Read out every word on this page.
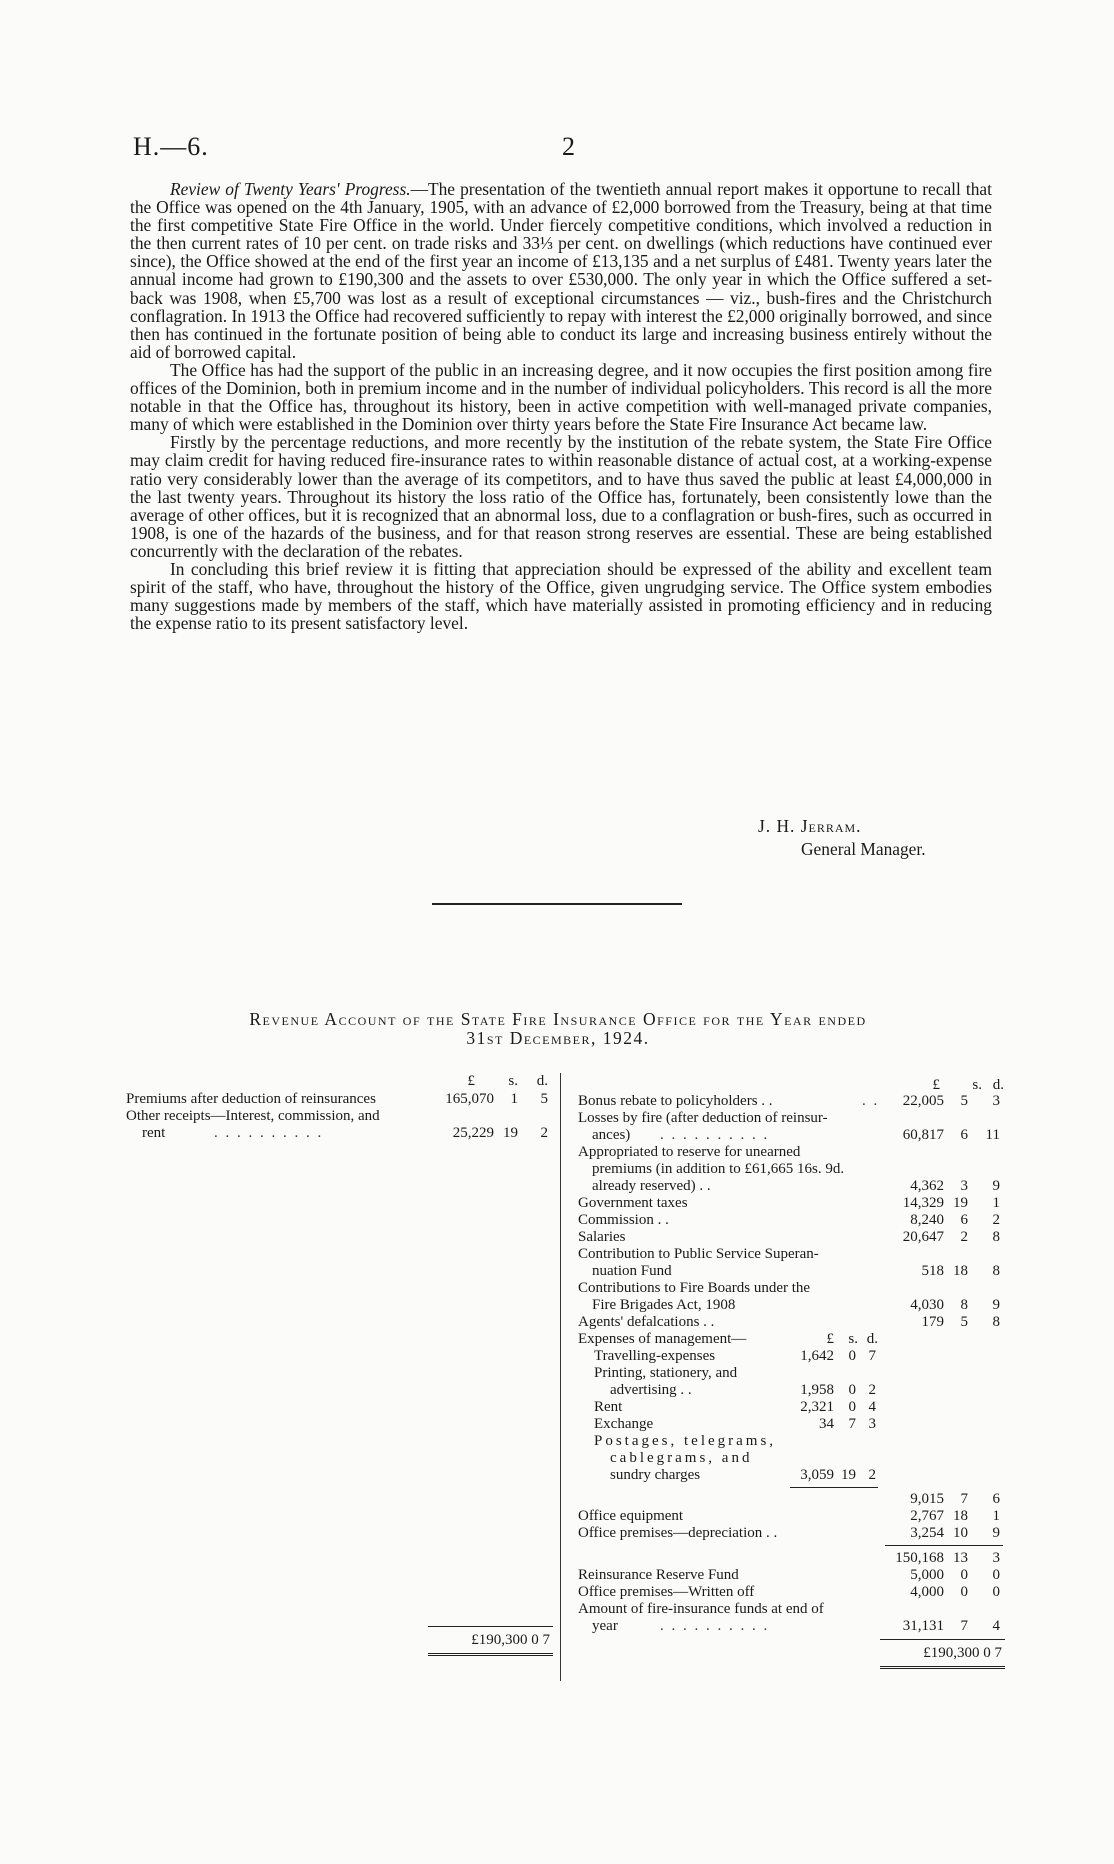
H.—6.	2

Review of Twenty Years' Progress.—The presentation of the twentieth annual report makes it opportune to recall that the Office was opened on the 4th January, 1905, with an advance of £2,000 borrowed from the Treasury, being at that time the first competitive State Fire Office in the world. Under fiercely competitive conditions, which involved a reduction in the then current rates of 10 per cent. on trade risks and 33⅓ per cent. on dwellings (which reductions have continued ever since), the Office showed at the end of the first year an income of £13,135 and a net surplus of £481. Twenty years later the annual income had grown to £190,300 and the assets to over £530,000. The only year in which the Office suffered a set-back was 1908, when £5,700 was lost as a result of exceptional circumstances — viz., bush-fires and the Christchurch conflagration. In 1913 the Office had recovered sufficiently to repay with interest the £2,000 originally borrowed, and since then has continued in the fortunate position of being able to conduct its large and increasing business entirely without the aid of borrowed capital.

The Office has had the support of the public in an increasing degree, and it now occupies the first position among fire offices of the Dominion, both in premium income and in the number of individual policyholders. This record is all the more notable in that the Office has, throughout its history, been in active competition with well-managed private companies, many of which were established in the Dominion over thirty years before the State Fire Insurance Act became law.

Firstly by the percentage reductions, and more recently by the institution of the rebate system, the State Fire Office may claim credit for having reduced fire-insurance rates to within reasonable distance of actual cost, at a working-expense ratio very considerably lower than the average of its competitors, and to have thus saved the public at least £4,000,000 in the last twenty years. Throughout its history the loss ratio of the Office has, fortunately, been consistently lowe than the average of other offices, but it is recognized that an abnormal loss, due to a conflagration or bush-fires, such as occurred in 1908, is one of the hazards of the business, and for that reason strong reserves are essential. These are being established concurrently with the declaration of the rebates.

In concluding this brief review it is fitting that appreciation should be expressed of the ability and excellent team spirit of the staff, who have, throughout the history of the Office, given ungrudging service. The Office system embodies many suggestions made by members of the staff, which have materially assisted in promoting efficiency and in reducing the expense ratio to its present satisfactory level.

J. H. Jerram.
General Manager.
Revenue Account of the State Fire Insurance Office for the Year ended
31st December, 1924.
£	s.	d.
Premiums after deduction of reinsurances	165,070	1	5
Other receipts—Interest, commission, and
rent	. . . . . . . . . .	25,229 19	2
£190,300 0 7
£	s. d.
Bonus rebate to policyholders . .	. .	22,005	5	3
Losses by fire (after deduction of reinsur-
ances) . . . . . . . . . .	60,817	6	11
Appropriated to reserve for unearned
premiums (in addition to £61,665 16s. 9d.
already reserved) . .	4,362	3	9
Government taxes	14,329 19	1
Commission . .	8,240	6	2
Salaries	20,647	2	8
Contribution to Public Service Superan-
nuation Fund	518 18	8
Contributions to Fire Boards under the
Fire Brigades Act, 1908	4,030	8	9
Agents' defalcations . .	179	5	8
Expenses of management—	£ s. d.
Travelling-expenses	1,642 0 7
Printing, stationery, and
advertising . .	1,958 0 2
Rent	2,321 0 4
Exchange	34 7 3
Postages, telegrams,
cablegrams, and
sundry charges	3,059 19 2
9,015	7	6
Office equipment	2,767 18	1
Office premises—depreciation . .	3,254 10	9
150,168 13	3
Reinsurance Reserve Fund	5,000	0	0
Office premises—Written off	4,000	0	0
Amount of fire-insurance funds at end of
year	. . . . . . . . . .	31,131	7	4
£190,300 0 7
